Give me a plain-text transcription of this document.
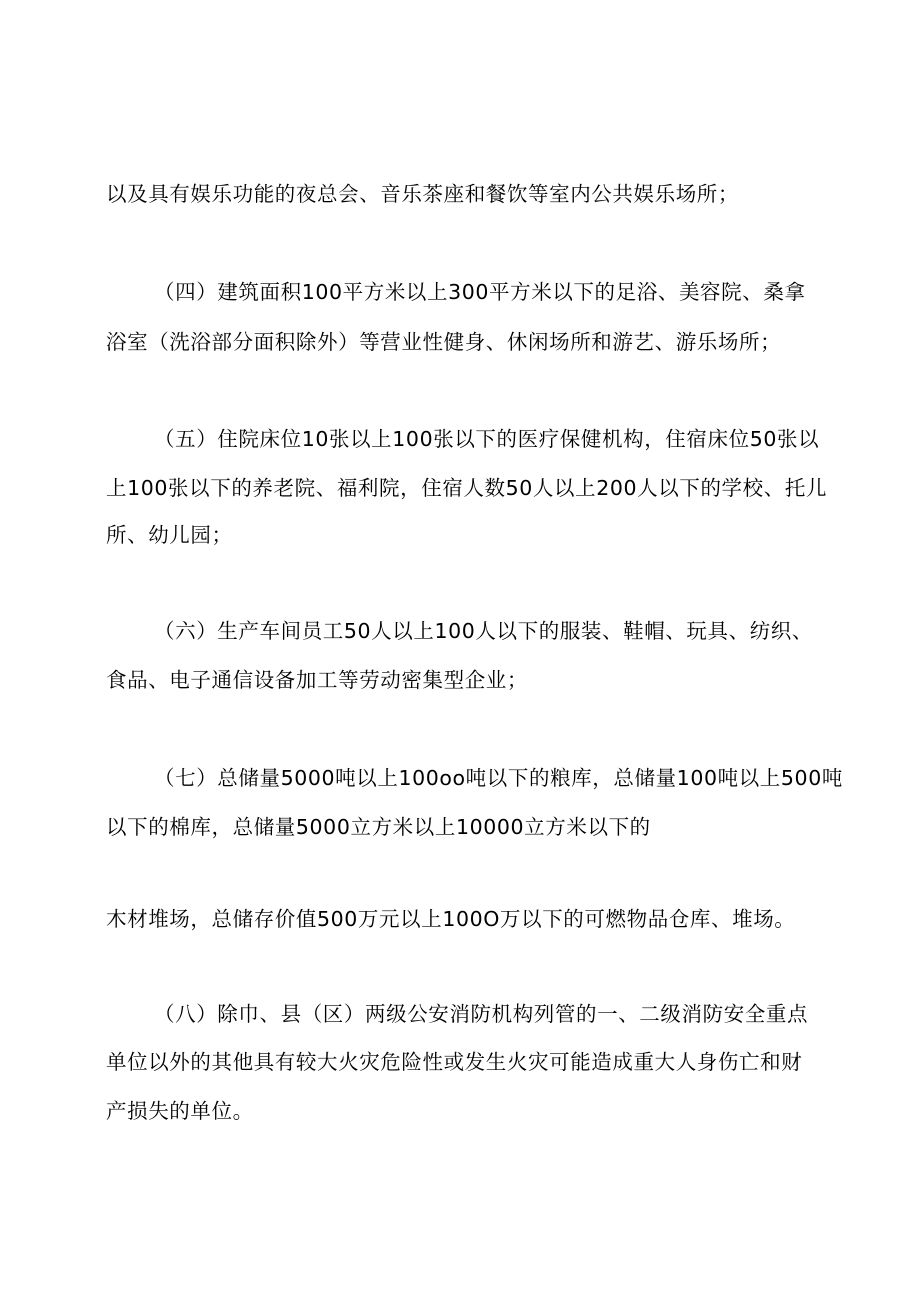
以及具有娱乐功能的夜总会、音乐茶座和餐饮等室内公共娱乐场所；
（四）建筑面积100平方米以上300平方米以下的足浴、美容院、桑拿
浴室（洗浴部分面积除外）等营业性健身、休闲场所和游艺、游乐场所；
（五）住院床位10张以上100张以下的医疗保健机构，住宿床位50张以
上100张以下的养老院、福利院，住宿人数50人以上200人以下的学校、托儿
所、幼儿园；
（六）生产车间员工50人以上100人以下的服装、鞋帽、玩具、纺织、
食品、电子通信设备加工等劳动密集型企业；
（七）总储量5000吨以上100oo吨以下的粮库，总储量100吨以上500吨
以下的棉库，总储量5000立方米以上10000立方米以下的
木材堆场，总储存价值500万元以上100O万以下的可燃物品仓库、堆场。
（八）除巾、县（区）两级公安消防机构列管的一、二级消防安全重点
单位以外的其他具有较大火灾危险性或发生火灾可能造成重大人身伤亡和财
产损失的单位。
